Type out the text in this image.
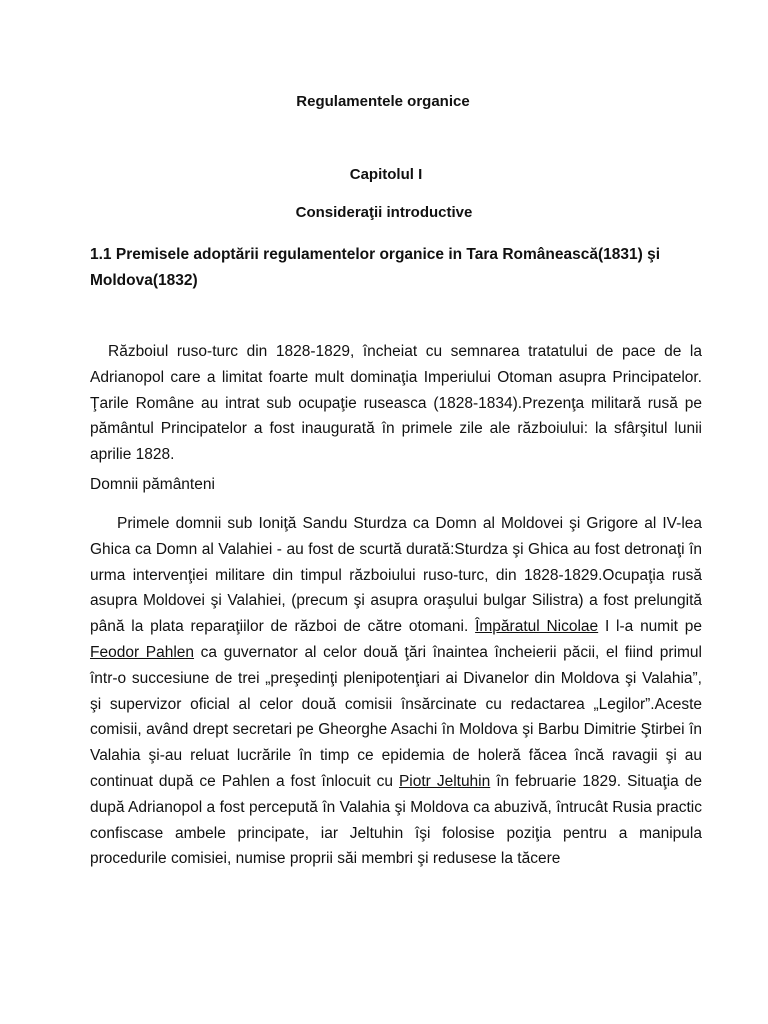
Regulamentele organice
Capitolul I
Consideraţii introductive
1.1 Premisele adoptării regulamentelor organice in Tara Românească(1831) şi Moldova(1832)
Războiul ruso-turc din 1828-1829, încheiat cu semnarea tratatului de pace de la Adrianopol care a limitat foarte mult dominaţia Imperiului Otoman asupra Principatelor. Ţarile Române au intrat sub ocupaţie ruseasca (1828-1834).Prezenţa militară rusă pe pământul Principatelor a fost inaugurată în primele zile ale războiului: la sfârşitul lunii aprilie 1828.
Domnii pământeni
Primele domnii sub Ioniţă Sandu Sturdza ca Domn al Moldovei şi Grigore al IV-lea Ghica ca Domn al Valahiei - au fost de scurtă durată:Sturdza şi Ghica au fost detronaţi în urma intervenţiei militare din timpul războiului ruso-turc, din 1828-1829.Ocupaţia rusă asupra Moldovei şi Valahiei, (precum şi asupra oraşului bulgar Silistra) a fost prelungită până la plata reparaţiilor de război de către otomani. Împăratul Nicolae I l-a numit pe Feodor Pahlen ca guvernator al celor două ţări înaintea încheierii păcii, el fiind primul într-o succesiune de trei „preşedinţi plenipotenţiari ai Divanelor din Moldova şi Valahia”, şi supervizor oficial al celor două comisii însărcinate cu redactarea „Legilor”.Aceste comisii, având drept secretari pe Gheorghe Asachi în Moldova şi Barbu Dimitrie Ştirbei în Valahia şi-au reluat lucrările în timp ce epidemia de holeră făcea încă ravagii şi au continuat după ce Pahlen a fost înlocuit cu Piotr Jeltuhin în februarie 1829. Situaţia de după Adrianopol a fost percepută în Valahia şi Moldova ca abuzivă, întrucât Rusia practic confiscase ambele principate, iar Jeltuhin îşi folosise poziţia pentru a manipula procedurile comisiei, numise proprii săi membri şi redusese la tăcere
